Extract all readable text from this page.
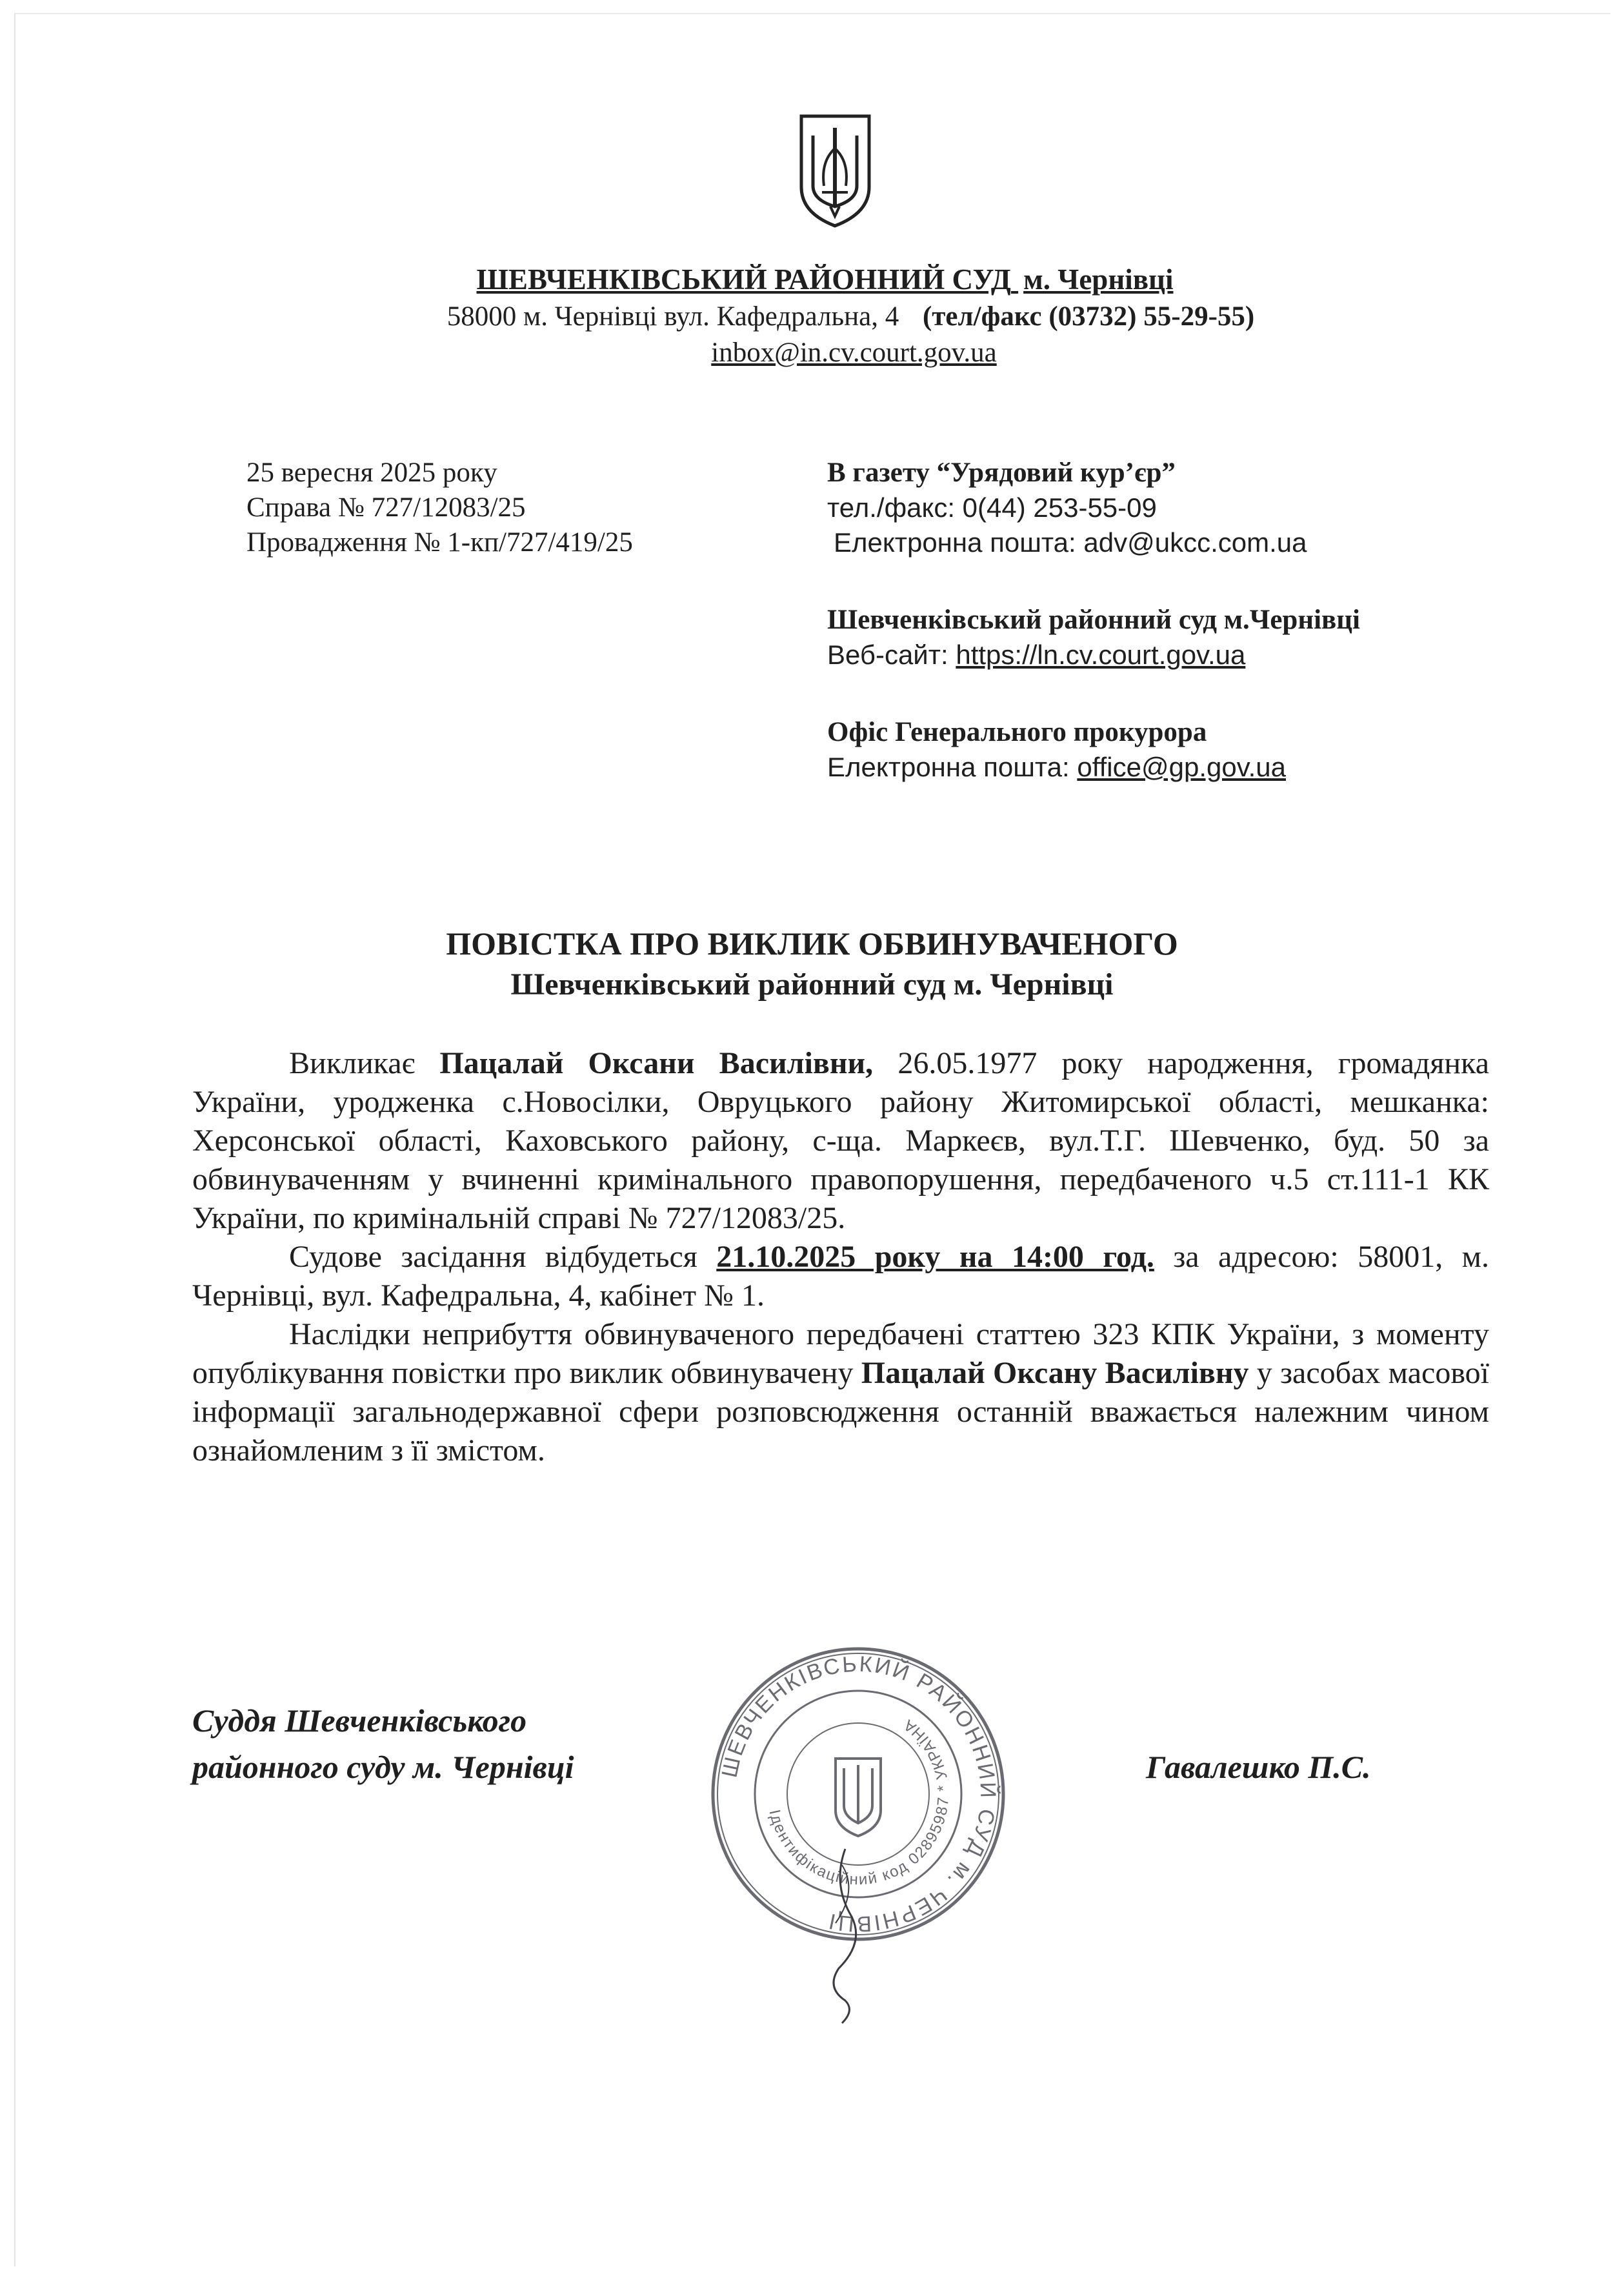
ШЕВЧЕНКІВСЬКИЙ РАЙОННИЙ СУД м. Чернівці
58000 м. Чернівці вул. Кафедральна, 4 (тел/факс (03732) 55-29-55)
inbox@in.cv.court.gov.ua
25 вересня 2025 року
Справа № 727/12083/25
Провадження № 1-кп/727/419/25
В газету “Урядовий кур’єр”
тел./факс: 0(44) 253-55-09
Електронна пошта: adv@ukcc.com.ua
Шевченківський районний суд м.Чернівці
Веб-сайт: https://ln.cv.court.gov.ua
Офіс Генерального прокурора
Електронна пошта: office@gp.gov.ua
ПОВІСТКА ПРО ВИКЛИК ОБВИНУВАЧЕНОГО
Шевченківський районний суд м. Чернівці

Викликає Пацалай Оксани Василівни, 26.05.1977 року народження, громадянка України, уродженка с.Новосілки, Овруцького району Житомирської області, мешканка: Херсонської області, Каховського району, с-ща. Маркеєв, вул.Т.Г. Шевченко, буд. 50 за обвинуваченням у вчиненні кримінального правопорушення, передбаченого ч.5 ст.111-1 КК України, по кримінальній справі № 727/12083/25.

Судове засідання відбудеться 21.10.2025 року на 14:00 год. за адресою: 58001, м. Чернівці, вул. Кафедральна, 4, кабінет № 1.

Наслідки неприбуття обвинуваченого передбачені статтею 323 КПК України, з моменту опублікування повістки про виклик обвинувачену Пацалай Оксану Василівну у засобах масової інформації загальнодержавної сфери розповсюдження останній вважається належним чином ознайомленим з її змістом.

Суддя Шевченківського
районного суду м. Чернівці	Гавалешко П.С.
ШЕВЧЕНКІВСЬКИЙ РАЙОННИЙ СУД м. ЧЕРНІВЦІ
Ідентифікаційний код 02895987 * УКРАЇНА
